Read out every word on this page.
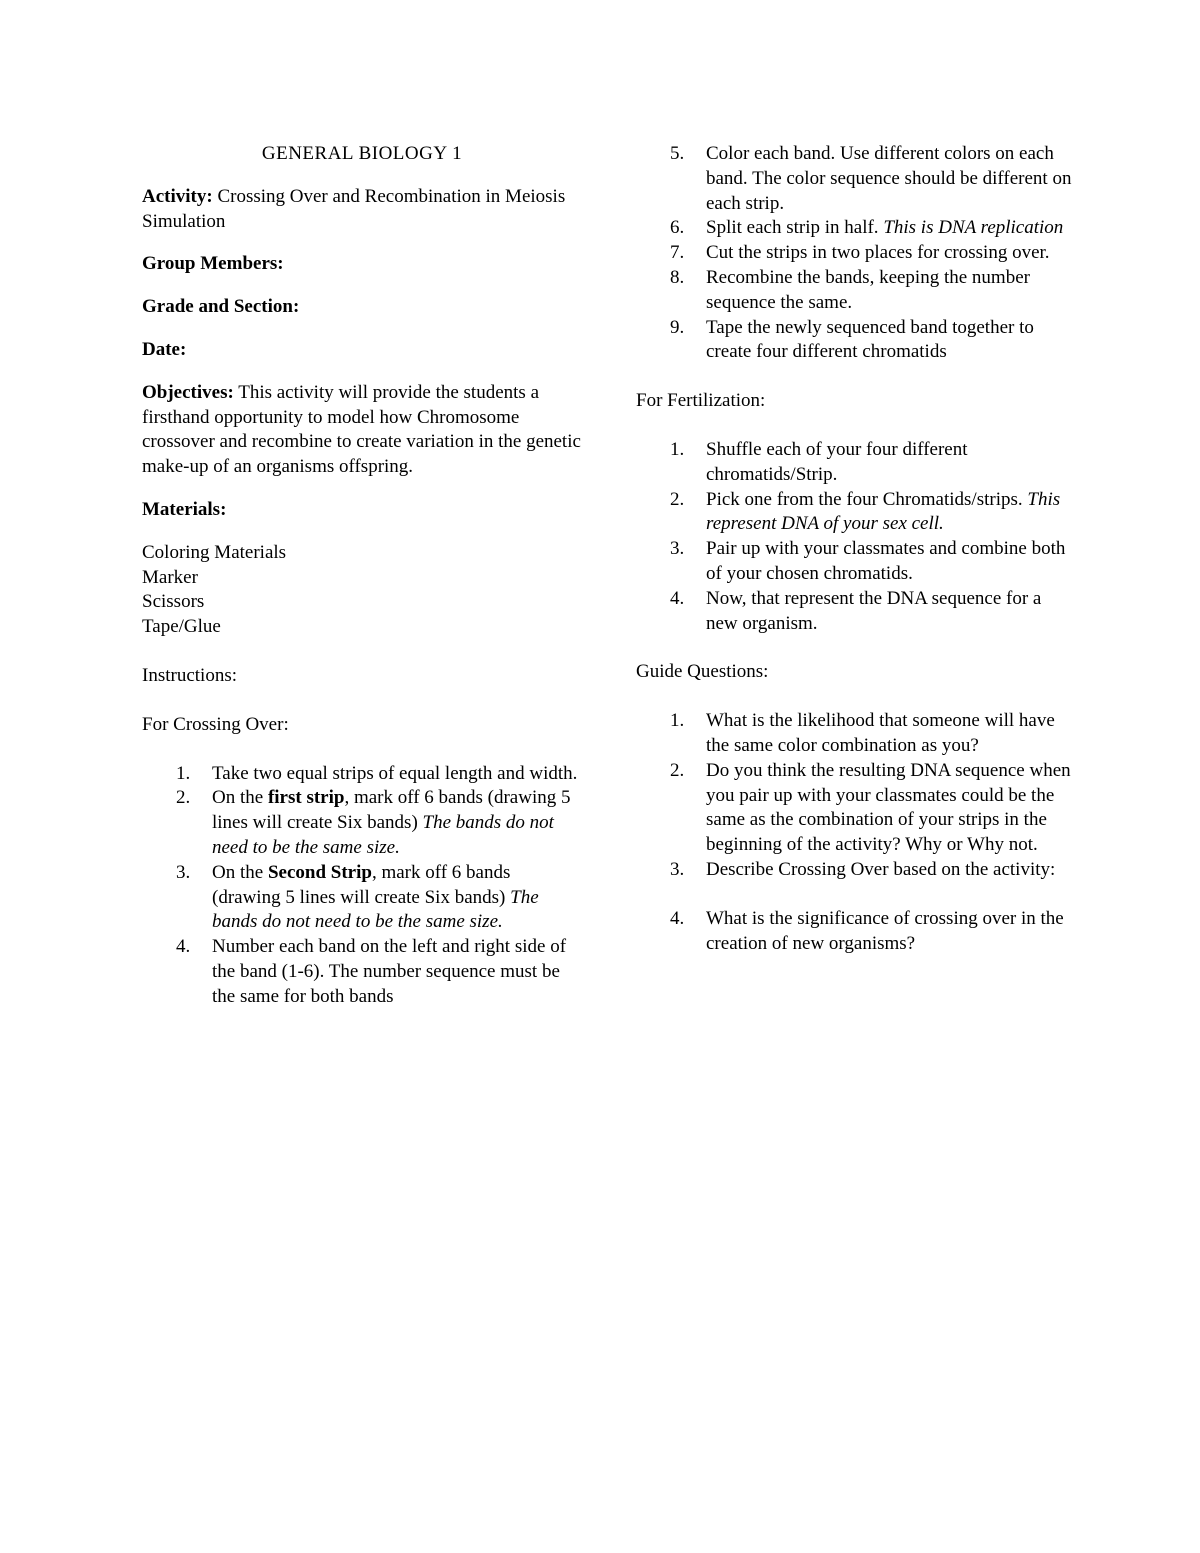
GENERAL BIOLOGY 1

Activity: Crossing Over and Recombination in Meiosis Simulation

Group Members:

Grade and Section:

Date:

Objectives: This activity will provide the students a firsthand opportunity to model how Chromosome crossover and recombine to create variation in the genetic make-up of an organisms offspring.

Materials:

Coloring Materials

Marker

Scissors

Tape/Glue

Instructions:

For Crossing Over:

1. Take two equal strips of equal length and width.
2. On the first strip, mark off 6 bands (drawing 5 lines will create Six bands) The bands do not need to be the same size.
3. On the Second Strip, mark off 6 bands (drawing 5 lines will create Six bands) The bands do not need to be the same size.
4. Number each band on the left and right side of the band (1-6). The number sequence must be the same for both bands
5. Color each band. Use different colors on each band. The color sequence should be different on each strip.
6. Split each strip in half. This is DNA replication
7. Cut the strips in two places for crossing over.
8. Recombine the bands, keeping the number sequence the same.
9. Tape the newly sequenced band together to create four different chromatids

For Fertilization:

1. Shuffle each of your four different chromatids/Strip.
2. Pick one from the four Chromatids/strips. This represent DNA of your sex cell.
3. Pair up with your classmates and combine both of your chosen chromatids.
4. Now, that represent the DNA sequence for a new organism.

Guide Questions:

1. What is the likelihood that someone will have the same color combination as you?
2. Do you think the resulting DNA sequence when you pair up with your classmates could be the same as the combination of your strips in the beginning of the activity? Why or Why not.
3. Describe Crossing Over based on the activity:
4. What is the significance of crossing over in the creation of new organisms?
